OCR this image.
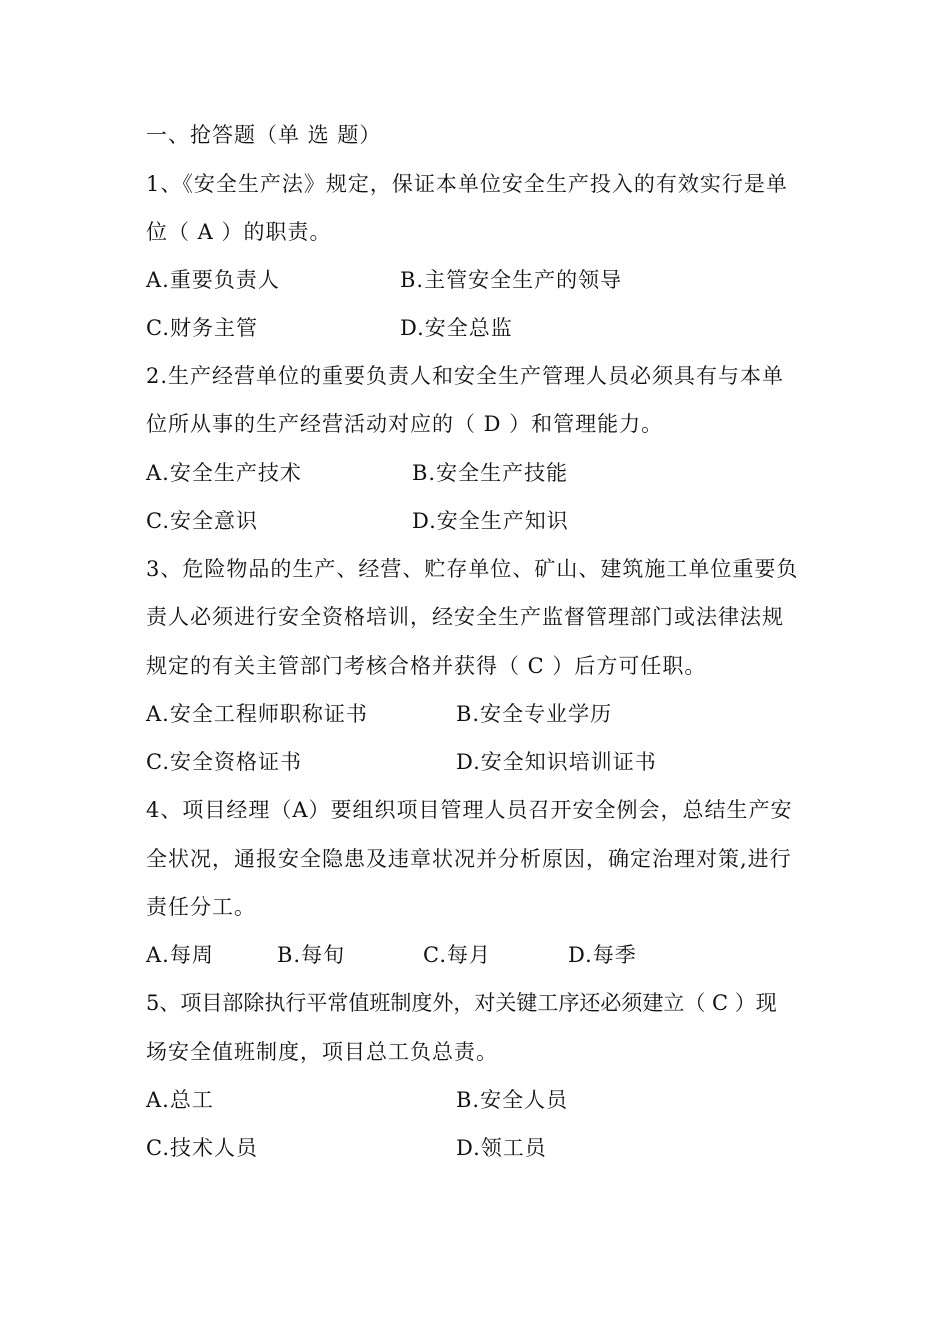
一、抢答题（单 选 题）
1、《安全生产法》规定，保证本单位安全生产投入的有效实行是单
位（ A ）的职责。
A.重要负责人	B.主管安全生产的领导
C.财务主管	D.安全总监
2.生产经营单位的重要负责人和安全生产管理人员必须具有与本单
位所从事的生产经营活动对应的（ D ）和管理能力。
A.安全生产技术	B.安全生产技能
C.安全意识	D.安全生产知识
3、危险物品的生产、经营、贮存单位、矿山、建筑施工单位重要负
责人必须进行安全资格培训，经安全生产监督管理部门或法律法规
规定的有关主管部门考核合格并获得（ C ）后方可任职。
A.安全工程师职称证书	B.安全专业学历
C.安全资格证书	D.安全知识培训证书
4、项目经理（A）要组织项目管理人员召开安全例会，总结生产安
全状况，通报安全隐患及违章状况并分析原因，确定治理对策,进行
责任分工。
A.每周	B.每旬	C.每月	D.每季
5、项目部除执行平常值班制度外，对关键工序还必须建立（ C ）现
场安全值班制度，项目总工负总责。
A.总工	B.安全人员
C.技术人员	D.领工员
